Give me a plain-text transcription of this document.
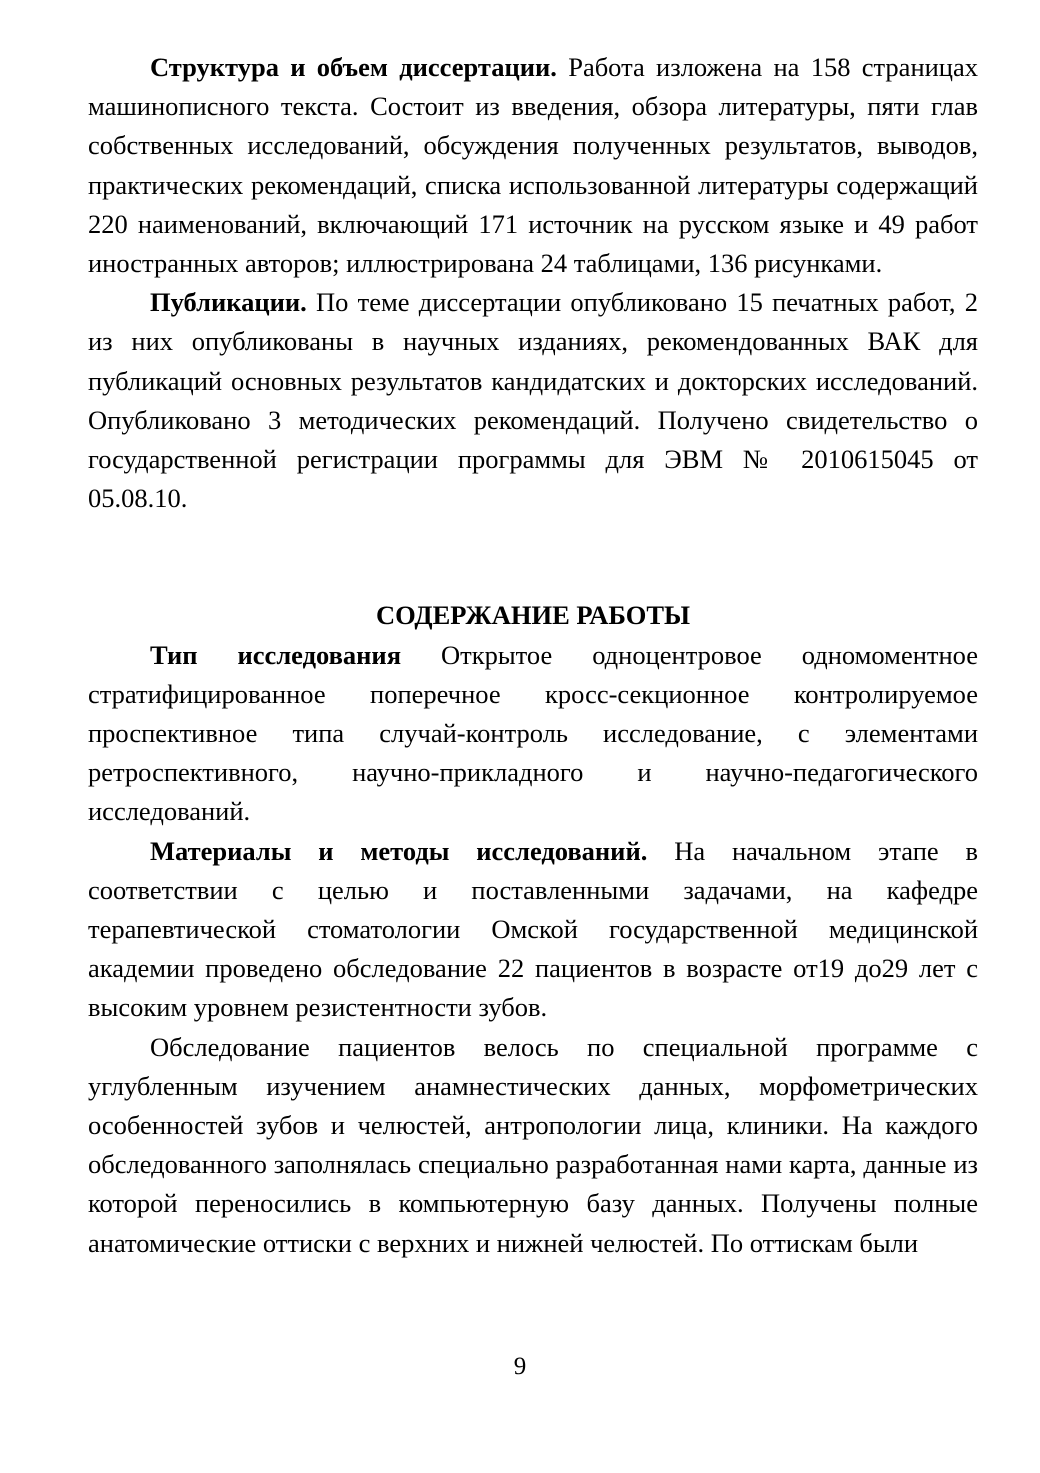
Структура и объем диссертации. Работа изложена на 158 страницах машинописного текста. Состоит из введения, обзора литературы, пяти глав собственных исследований, обсуждения полученных результатов, выводов, практических рекомендаций, списка использованной литературы содержащий 220 наименований, включающий 171 источник на русском языке и 49 работ иностранных авторов; иллюстрирована 24 таблицами, 136 рисунками.

Публикации. По теме диссертации опубликовано 15 печатных работ, 2 из них опубликованы в научных изданиях, рекомендованных ВАК для публикаций основных результатов кандидатских и докторских исследований. Опубликовано 3 методических рекомендаций. Получено свидетельство о государственной регистрации программы для ЭВМ № 2010615045 от 05.08.10.

СОДЕРЖАНИЕ РАБОТЫ

Тип исследования Открытое одноцентровое одномоментное стратифицированное поперечное кросс-секционное контролируемое проспективное типа случай-контроль исследование, с элементами ретроспективного, научно-прикладного и научно-педагогического исследований.

Материалы и методы исследований. На начальном этапе в соответствии с целью и поставленными задачами, на кафедре терапевтической стоматологии Омской государственной медицинской академии проведено обследование 22 пациентов в возрасте от19 до29 лет с высоким уровнем резистентности зубов.

Обследование пациентов велось по специальной программе с углубленным изучением анамнестических данных, морфометрических особенностей зубов и челюстей, антропологии лица, клиники. На каждого обследованного заполнялась специально разработанная нами карта, данные из которой переносились в компьютерную базу данных. Получены полные анатомические оттиски с верхних и нижней челюстей. По оттискам были

9
